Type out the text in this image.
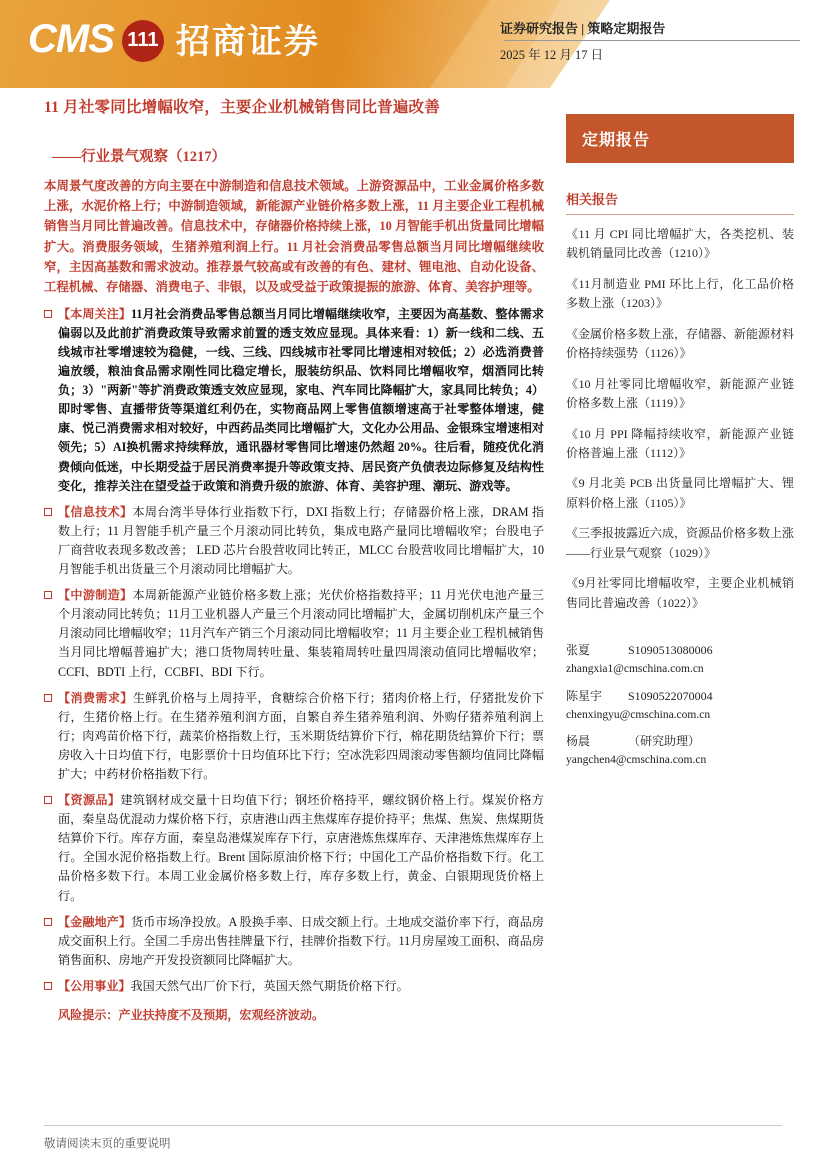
CMS 111 招商证券	证券研究报告 | 策略定期报告
2025 年 12 月 17 日
11 月社零同比增幅收窄，主要企业机械销售同比普遍改善
——行业景气观察（1217）
本周景气度改善的方向主要在中游制造和信息技术领域。上游资源品中，工业金属价格多数上涨，水泥价格上行；中游制造领域，新能源产业链价格多数上涨，11 月主要企业工程机械销售当月同比普遍改善。信息技术中，存储器价格持续上涨，10 月智能手机出货量同比增幅扩大。消费服务领域，生猪养殖利润上行。11 月社会消费品零售总额当月同比增幅继续收窄，主因高基数和需求波动。推荐景气较高或有改善的有色、建材、锂电池、自动化设备、工程机械、存储器、消费电子、非银，以及或受益于政策提振的旅游、体育、美容护理等。
【本周关注】11月社会消费品零售总额当月同比增幅继续收窄，主要因为高基数、整体需求偏弱以及此前扩消费政策导致需求前置的透支效应显现。具体来看：1）新一线和二线、五线城市社零增速较为稳健，一线、三线、四线城市社零同比增速相对较低；2）必选消费普遍放缓，粮油食品需求刚性同比稳定增长，服装纺织品、饮料同比增幅收窄，烟酒同比转负；3）"两新"等扩消费政策透支效应显现，家电、汽车同比降幅扩大，家具同比转负；4）即时零售、直播带货等渠道红利仍在，实物商品网上零售值额增速高于社零整体增速，健康、悦己消费需求相对较好，中西药品类同比增幅扩大，文化办公用品、金银珠宝增速相对领先；5）AI换机需求持续释放，通讯器材零售同比增速仍然超 20%。往后看，随疫优化消费倾向低迷，中长期受益于居民消费率提升等政策支持、居民资产负债表边际修复及结构性变化，推荐关注在望受益于政策和消费升级的旅游、体育、美容护理、潮玩、游戏等。
【信息技术】本周台湾半导体行业指数下行，DXI 指数上行；存储器价格上涨，DRAM 指数上行；11 月智能手机产量三个月滚动同比转负，集成电路产量同比增幅收窄；台股电子厂商营收表现多数改善； LED 芯片台股营收同比转正，MLCC 台股营收同比增幅扩大，10 月智能手机出货量三个月滚动同比增幅扩大。
【中游制造】本周新能源产业链价格多数上涨；光伏价格指数持平；11 月光伏电池产量三个月滚动同比转负；11月工业机器人产量三个月滚动同比增幅扩大，金属切削机床产量三个月滚动同比增幅收窄；11月汽车产销三个月滚动同比增幅收窄；11 月主要企业工程机械销售当月同比增幅普遍扩大；港口货物周转吐量、集装箱周转吐量四周滚动值同比增幅收窄；CCFI、BDTI 上行，CCBFI、BDI 下行。
【消费需求】生鲜乳价格与上周持平，食糖综合价格下行；猪肉价格上行，仔猪批发价下行，生猪价格上行。在生猪养殖利润方面，自繁自养生猪养殖利润、外购仔猪养殖利润上行；肉鸡苗价格下行，蔬菜价格指数上行，玉米期货结算价下行，棉花期货结算价下行；票房收入十日均值下行，电影票价十日均值环比下行；空冰洗彩四周滚动零售额均值同比降幅扩大；中药材价格指数下行。
【资源品】建筑钢材成交量十日均值下行；钢坯价格持平，螺纹钢价格上行。煤炭价格方面，秦皇岛优混动力煤价格下行，京唐港山西主焦煤库存提价持平；焦煤、焦炭、焦煤期货结算价下行。库存方面，秦皇岛港煤炭库存下行，京唐港炼焦煤库存、天津港炼焦煤库存上行。全国水泥价格指数上行。Brent 国际原油价格下行；中国化工产品价格指数下行。化工品价格多数下行。本周工业金属价格多数上行，库存多数上行，黄金、白银期现货价格上行。
【金融地产】货币市场净投放。A 股换手率、日成交额上行。土地成交溢价率下行，商品房成交面积上行。全国二手房出售挂牌量下行，挂牌价指数下行。11月房屋竣工面积、商品房销售面积、房地产开发投资额同比降幅扩大。
【公用事业】我国天然气出厂价下行，英国天然气期货价格下行。
风险提示：产业扶持度不及预期，宏观经济波动。
定期报告
相关报告
《11 月 CPI 同比增幅扩大，各类挖机、装载机销量同比改善（1210）》
《11月制造业 PMI 环比上行，化工品价格多数上涨（1203）》
《金属价格多数上涨，存储器、新能源材料价格持续强势（1126）》
《10 月社零同比增幅收窄，新能源产业链价格多数上涨（1119）》
《10 月 PPI 降幅持续收窄，新能源产业链价格普遍上涨（1112）》
《9 月北美 PCB 出货量同比增幅扩大、锂原料价格上涨（1105）》
《三季报披露近六成，资源品价格多数上涨——行业景气观察（1029）》
《9月社零同比增幅收窄，主要企业机械销售同比普遍改善（1022）》
张夏	S1090513080006
zhangxia1@cmschina.com.cn
陈星宇	S1090522070004
chenxingyu@cmschina.com.cn
杨晨	（研究助理）
yangchen4@cmschina.com.cn
敬请阅读末页的重要说明
